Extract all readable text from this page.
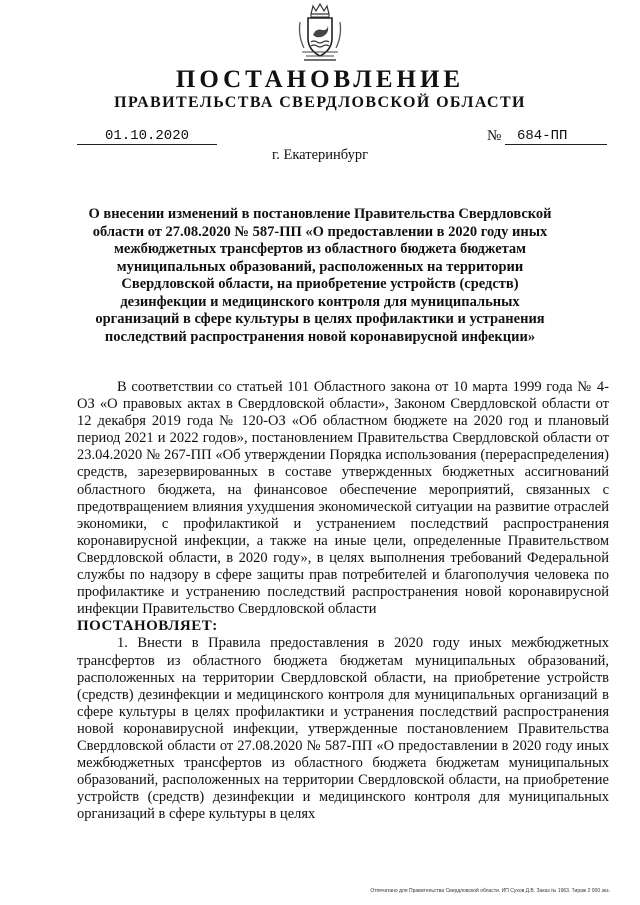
ПОСТАНОВЛЕНИЕ
ПРАВИТЕЛЬСТВА СВЕРДЛОВСКОЙ ОБЛАСТИ
01.10.2020	№	684-ПП
г. Екатеринбург
О внесении изменений в постановление Правительства Свердловской области от 27.08.2020 № 587-ПП «О предоставлении в 2020 году иных межбюджетных трансфертов из областного бюджета бюджетам муниципальных образований, расположенных на территории Свердловской области, на приобретение устройств (средств) дезинфекции и медицинского контроля для муниципальных организаций в сфере культуры в целях профилактики и устранения последствий распространения новой коронавирусной инфекции»

В соответствии со статьей 101 Областного закона от 10 марта 1999 года № 4-ОЗ «О правовых актах в Свердловской области», Законом Свердловской области от 12 декабря 2019 года № 120-ОЗ «Об областном бюджете на 2020 год и плановый период 2021 и 2022 годов», постановлением Правительства Свердловской области от 23.04.2020 № 267-ПП «Об утверждении Порядка использования (перераспределения) средств, зарезервированных в составе утвержденных бюджетных ассигнований областного бюджета, на финансовое обеспечение мероприятий, связанных с предотвращением влияния ухудшения экономической ситуации на развитие отраслей экономики, с профилактикой и устранением последствий распространения коронавирусной инфекции, а также на иные цели, определенные Правительством Свердловской области, в 2020 году», в целях выполнения требований Федеральной службы по надзору в сфере защиты прав потребителей и благополучия человека по профилактике и устранению последствий распространения новой коронавирусной инфекции Правительство Свердловской области

ПОСТАНОВЛЯЕТ:

1. Внести в Правила предоставления в 2020 году иных межбюджетных трансфертов из областного бюджета бюджетам муниципальных образований, расположенных на территории Свердловской области, на приобретение устройств (средств) дезинфекции и медицинского контроля для муниципальных организаций в сфере культуры в целях профилактики и устранения последствий распространения новой коронавирусной инфекции, утвержденные постановлением Правительства Свердловской области от 27.08.2020 № 587-ПП «О предоставлении в 2020 году иных межбюджетных трансфертов из областного бюджета бюджетам муниципальных образований, расположенных на территории Свердловской области, на приобретение устройств (средств) дезинфекции и медицинского контроля для муниципальных организаций в сфере культуры в целях

Отпечатано для Правительства Свердловской области. ИП Сухов Д.В. Заказ № 1963. Тираж 2 000 экз.
